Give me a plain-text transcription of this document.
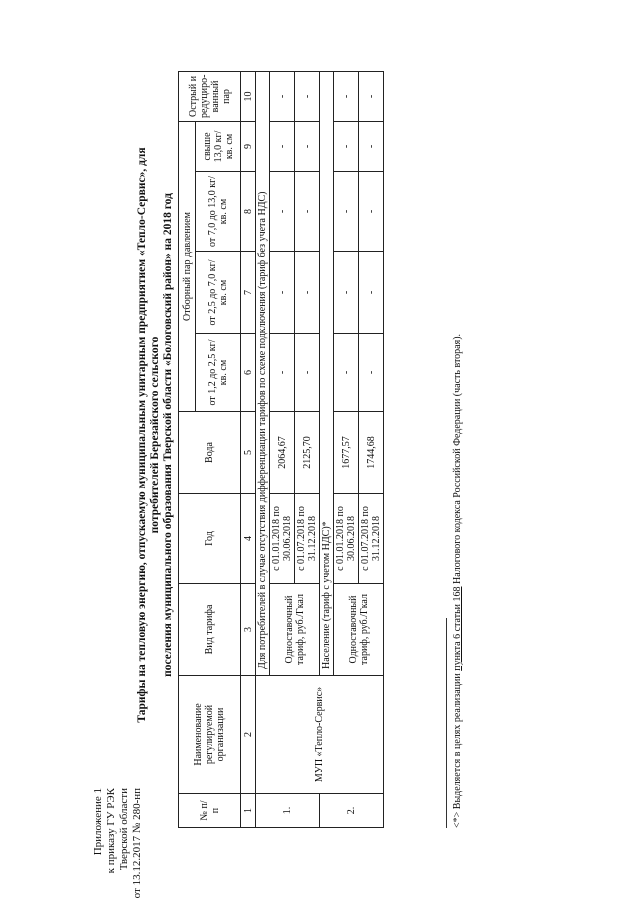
Приложение 1 к приказу ГУ РЭК Тверской области от 13.12.2017 № 280-нп
Тарифы на тепловую энергию, отпускаемую муниципальным унитарным предприятием «Тепло-Сервис», для потребителей Березайского сельского поселения муниципального образования Тверской области «Бологовский район» на 2018 год
№ п/ п	Наименование регулируемой организации	Вид тарифа	Год	Вода	Отборный пар давлением				Острый и редуциро- ванный пар
					от 1,2 до 2,5 кг/кв. см	от 2,5 до 7,0 кг/кв. см	от 7,0 до 13,0 кг/кв. см	свыше 13,0 кг/кв. см	
1	2	3	4	5	6	7	8	9	10
1.	МУП «Тепло-Сервис»	Для потребителей в случае отсутствия дифференциации тарифов по схеме подключения (тариф без учета НДС)							
		Одноставочный тариф, руб./Гкал	с 01.01.2018 по 30.06.2018	2064,67	-	-	-	-	-
			с 01.07.2018 по 31.12.2018	2125,70	-	-	-	-	-
2.		Население (тариф с учетом НДС)*							
		Одноставочный тариф, руб./Гкал	с 01.01.2018 по 30.06.2018	1677,57	-	-	-	-	-
			с 01.07.2018 по 31.12.2018	1744,68	-	-	-	-	-
<*> Выделяется в целях реализации пункта 6 статьи 168 Налогового кодекса Российской Федерации (часть вторая).
